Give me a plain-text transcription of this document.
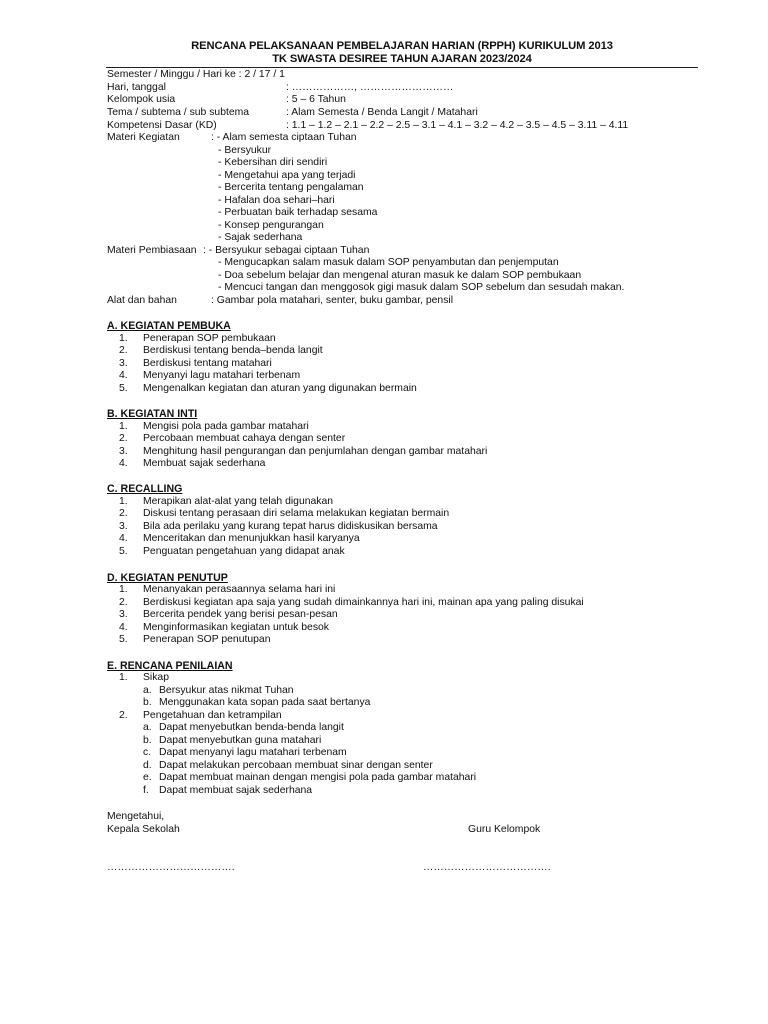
RENCANA PELAKSANAAN PEMBELAJARAN HARIAN (RPPH) KURIKULUM 2013
TK SWASTA DESIREE TAHUN AJARAN 2023/2024
Semester / Minggu / Hari ke : 2 / 17 / 1
Hari, tanggal	: ………………, ………………………
Kelompok usia	: 5 – 6 Tahun
Tema / subtema / sub subtema	: Alam Semesta / Benda Langit / Matahari
Kompetensi Dasar (KD)	: 1.1 – 1.2 – 2.1 – 2.2 – 2.5 – 3.1 – 4.1 – 3.2 – 4.2 – 3.5 – 4.5 – 3.11 – 4.11
Materi Kegiatan	: - Alam semesta ciptaan Tuhan
- Bersyukur
- Kebersihan diri sendiri
- Mengetahui apa yang terjadi
- Bercerita tentang pengalaman
- Hafalan doa sehari–hari
- Perbuatan baik terhadap sesama
- Konsep pengurangan
- Sajak sederhana
Materi Pembiasaan : - Bersyukur sebagai ciptaan Tuhan
- Mengucapkan salam masuk dalam SOP penyambutan dan penjemputan
- Doa sebelum belajar dan mengenal aturan masuk ke dalam SOP pembukaan
- Mencuci tangan dan menggosok gigi masuk dalam SOP sebelum dan sesudah makan.
Alat dan bahan	: Gambar pola matahari, senter, buku gambar, pensil
A. KEGIATAN PEMBUKA
1. Penerapan SOP pembukaan
2. Berdiskusi tentang benda–benda langit
3. Berdiskusi tentang matahari
4. Menyanyi lagu matahari terbenam
5. Mengenalkan kegiatan dan aturan yang digunakan bermain
B. KEGIATAN INTI
1. Mengisi pola pada gambar matahari
2. Percobaan membuat cahaya dengan senter
3. Menghitung hasil pengurangan dan penjumlahan dengan gambar matahari
4. Membuat sajak sederhana
C. RECALLING
1. Merapikan alat-alat yang telah digunakan
2. Diskusi tentang perasaan diri selama melakukan kegiatan bermain
3. Bila ada perilaku yang kurang tepat harus didiskusikan bersama
4. Menceritakan dan menunjukkan hasil karyanya
5. Penguatan pengetahuan yang didapat anak
D. KEGIATAN PENUTUP
1. Menanyakan perasaannya selama hari ini
2. Berdiskusi kegiatan apa saja yang sudah dimainkannya hari ini, mainan apa yang paling disukai
3. Bercerita pendek yang berisi pesan-pesan
4. Menginformasikan kegiatan untuk besok
5. Penerapan SOP penutupan
E. RENCANA PENILAIAN
1. Sikap
a. Bersyukur atas nikmat Tuhan
b. Menggunakan kata sopan pada saat bertanya
2. Pengetahuan dan ketrampilan
a. Dapat menyebutkan benda-benda langit
b. Dapat menyebutkan guna matahari
c. Dapat menyanyi lagu matahari terbenam
d. Dapat melakukan percobaan membuat sinar dengan senter
e. Dapat membuat mainan dengan mengisi pola pada gambar matahari
f. Dapat membuat sajak sederhana
Mengetahui,
Kepala Sekolah	Guru Kelompok
……………………………….	……………………………….
